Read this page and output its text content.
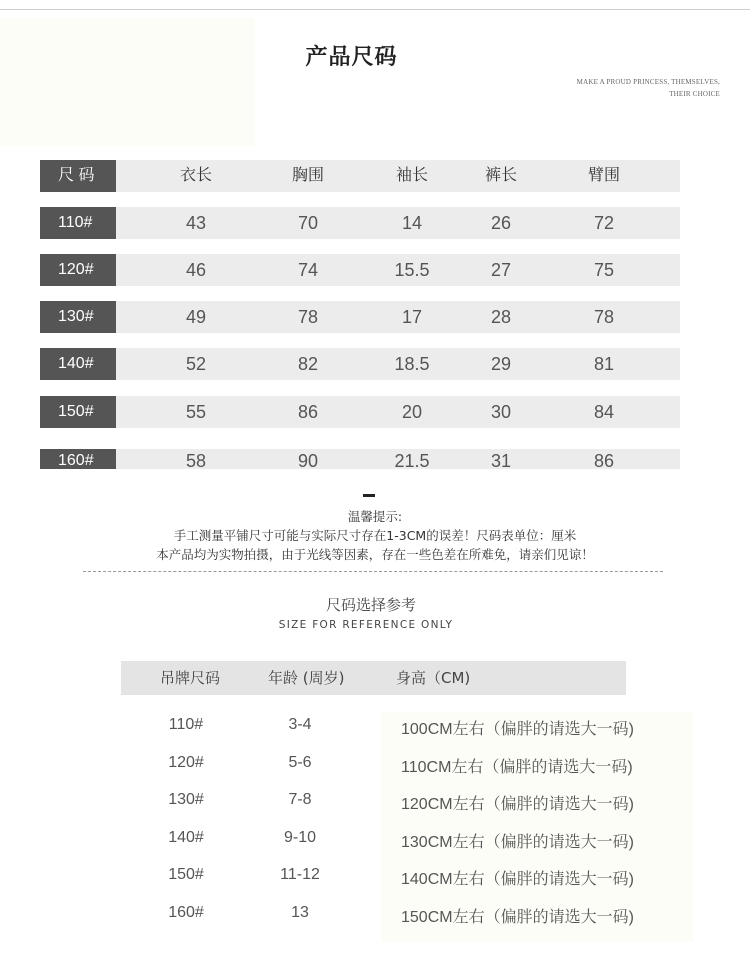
产品尺码
MAKE A PROUD PRINCESS, THEMSELVES,
THEIR CHOICE
尺 码	衣长	胸围	袖长	裤长	臂围
110#	43	70	14	26	72
120#	46	74	15.5	27	75
130#	49	78	17	28	78
140#	52	82	18.5	29	81
150#	55	86	20	30	84
160#	58	90	21.5	31	86
温馨提示:
手工测量平铺尺寸可能与实际尺寸存在1-3CM的误差！尺码表单位：厘米
本产品均为实物拍摄，由于光线等因素，存在一些色差在所难免，请亲们见谅！
尺码选择参考
SIZE FOR REFERENCE ONLY
吊牌尺码	年龄 (周岁)	身高（CM)
110#	3-4	100CM左右（偏胖的请选大一码)
120#	5-6	110CM左右（偏胖的请选大一码)
130#	7-8	120CM左右（偏胖的请选大一码)
140#	9-10	130CM左右（偏胖的请选大一码)
150#	11-12	140CM左右（偏胖的请选大一码)
160#	13	150CM左右（偏胖的请选大一码)
